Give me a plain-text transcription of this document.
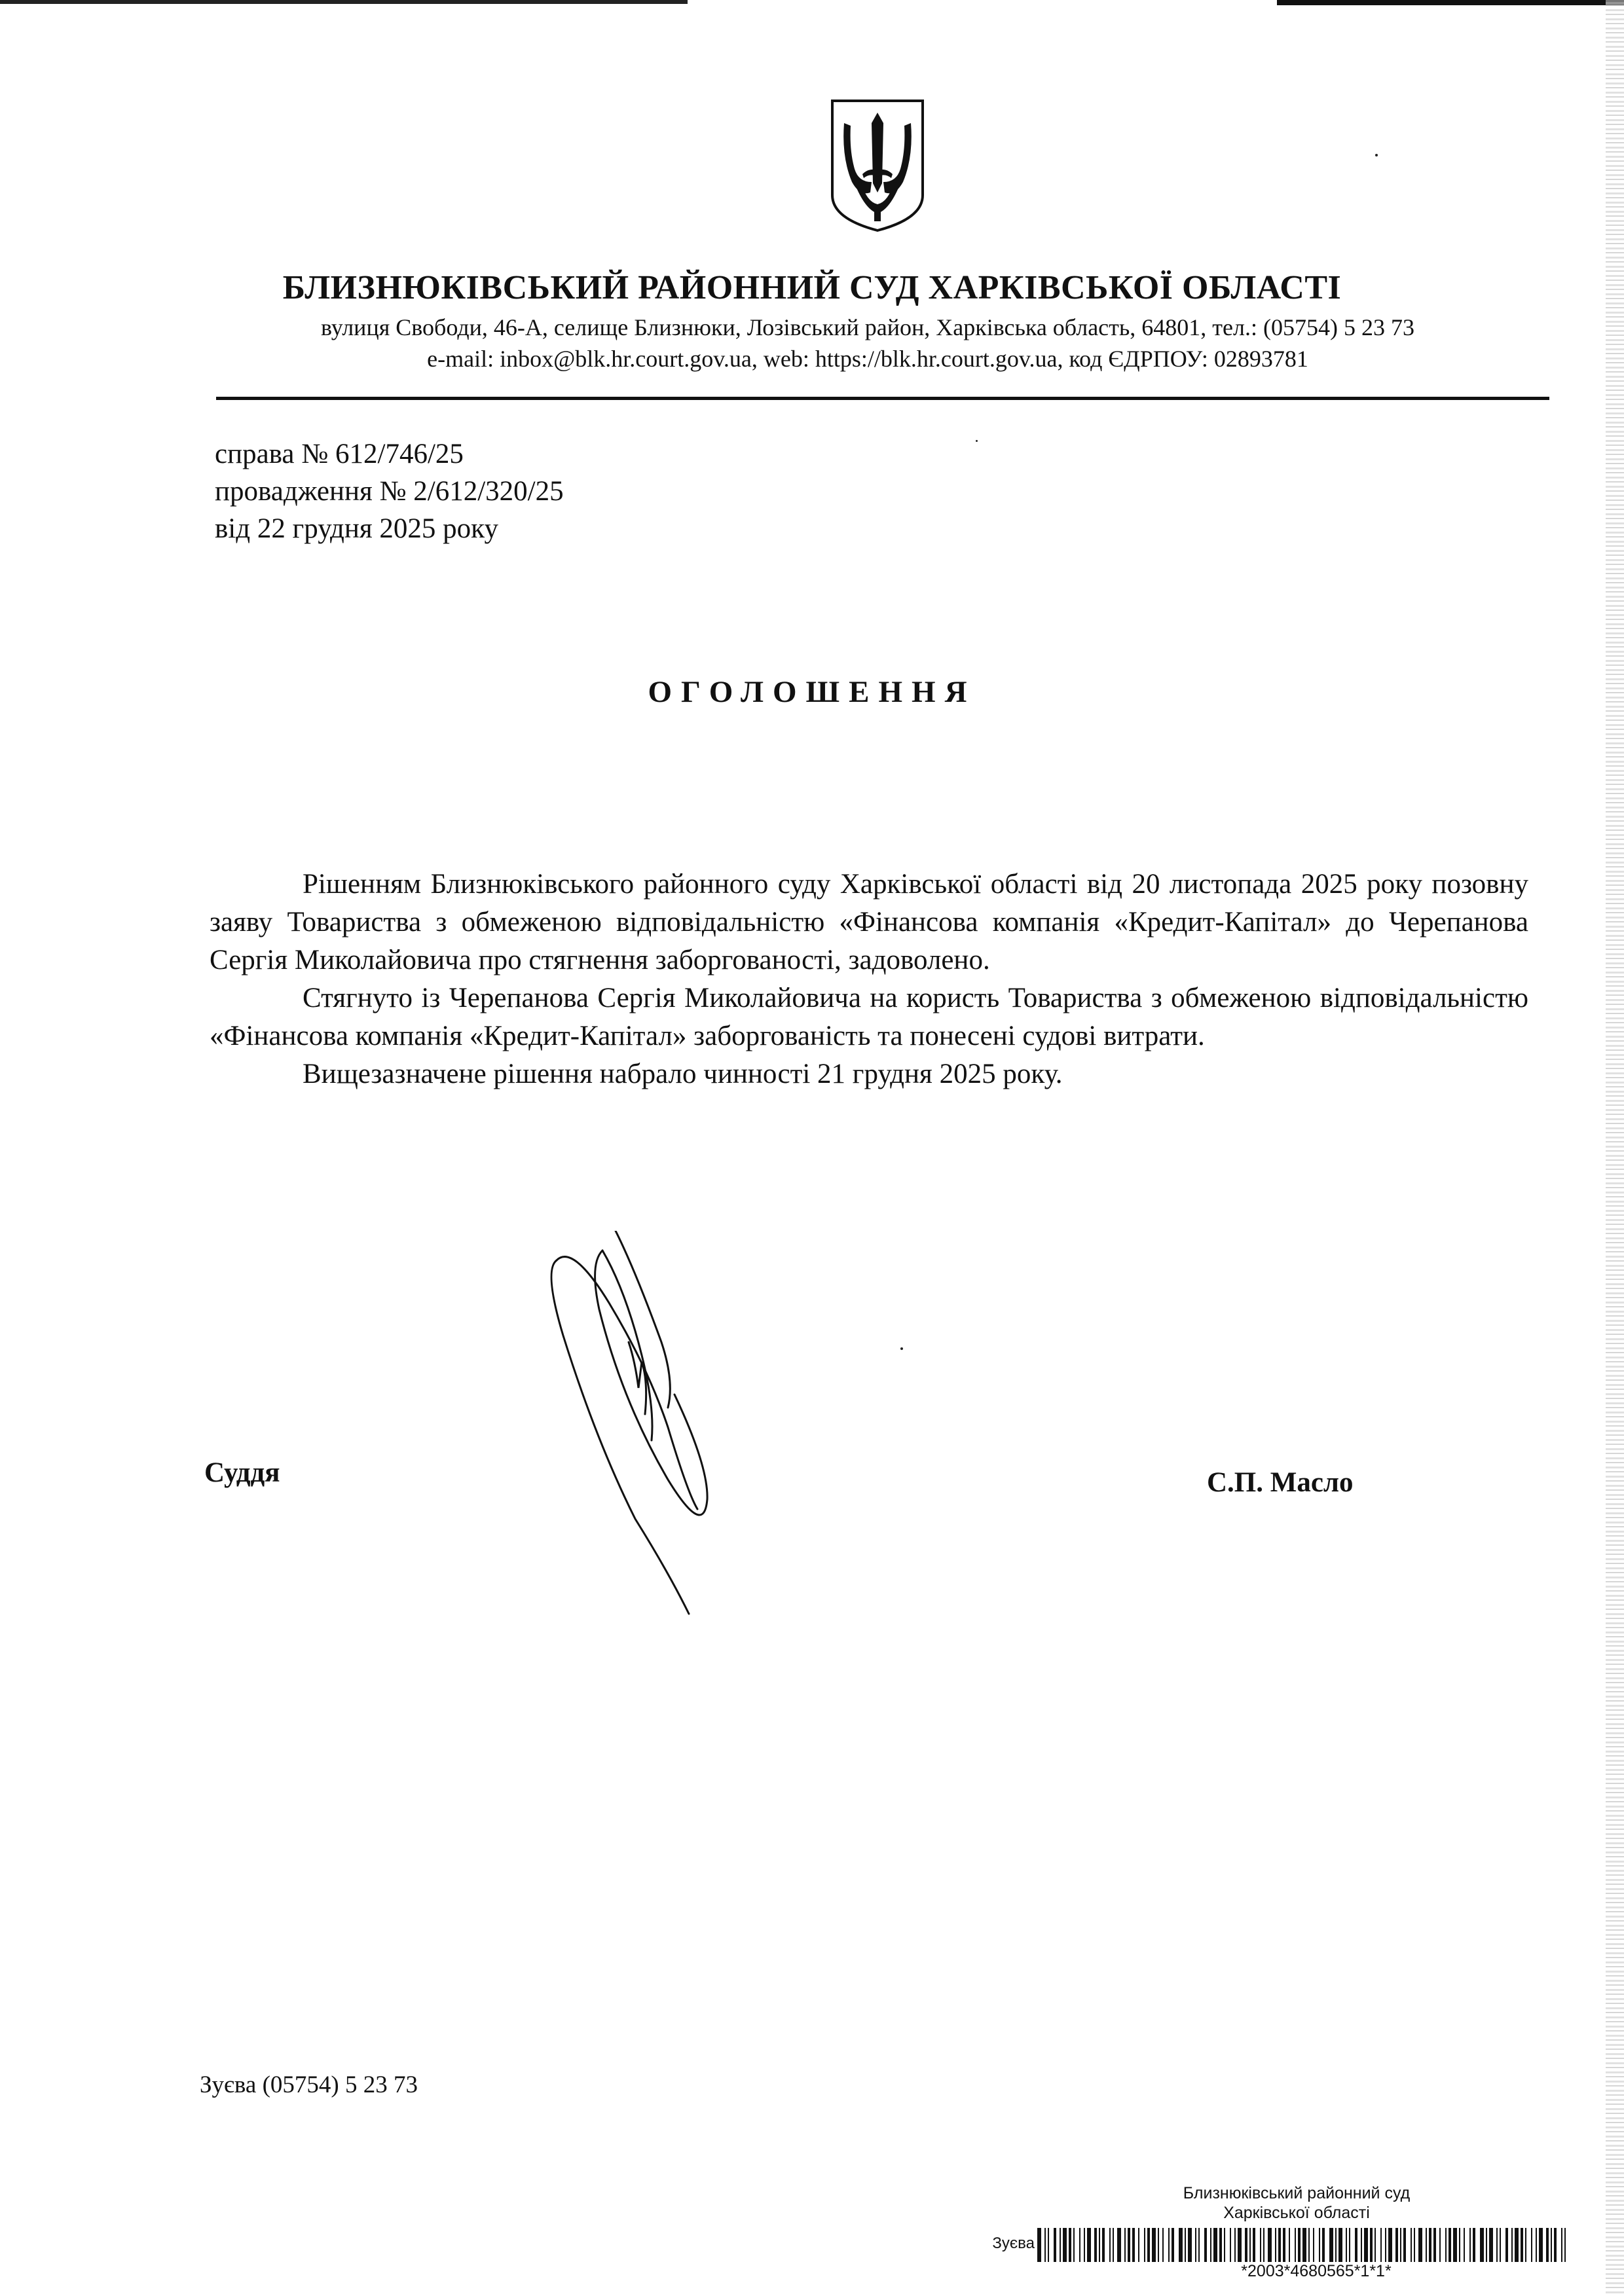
БЛИЗНЮКІВСЬКИЙ РАЙОННИЙ СУД ХАРКІВСЬКОЇ ОБЛАСТІ
вулиця Свободи, 46-А, селище Близнюки, Лозівський район, Харківська область, 64801, тел.: (05754) 5 23 73
e-mail: inbox@blk.hr.court.gov.ua, web: https://blk.hr.court.gov.ua, код ЄДРПОУ: 02893781
справа № 612/746/25
провадження № 2/612/320/25
від 22 грудня 2025 року
ОГОЛОШЕННЯ

Рішенням Близнюківського районного суду Харківської області від 20 листопада 2025 року позовну заяву Товариства з обмеженою відповідальністю «Фінансова компанія «Кредит-Капітал» до Черепанова Сергія Миколайовича про стягнення заборгованості, задоволено.

Стягнуто із Черепанова Сергія Миколайовича на користь Товариства з обмеженою відповідальністю «Фінансова компанія «Кредит-Капітал» заборгованість та понесені судові витрати.

Вищезазначене рішення набрало чинності 21 грудня 2025 року.

Суддя	С.П. Масло
Зуєва (05754) 5 23 73
Близнюківський районний суд
Харківської області
Зуєва
*2003*4680565*1*1*
